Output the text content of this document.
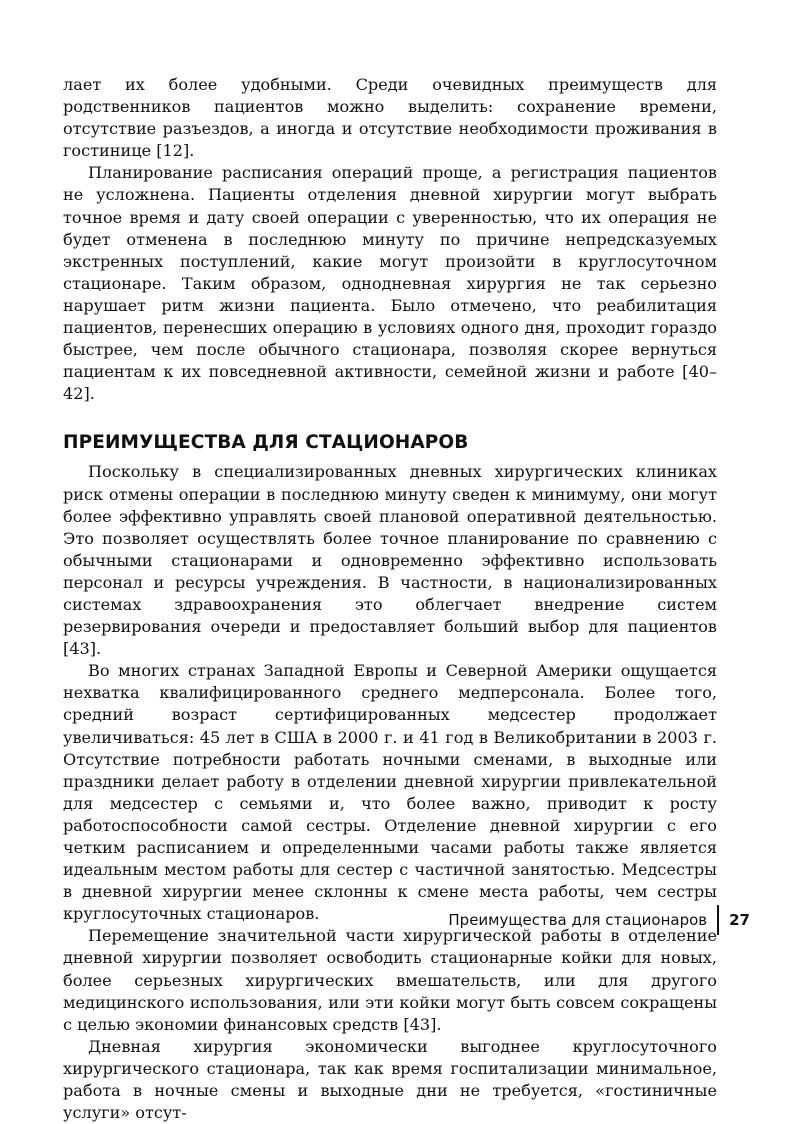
лает их более удобными. Среди очевидных преимуществ для родственников пациентов можно выделить: сохранение времени, отсутствие разъездов, а иногда и отсутствие необходимости проживания в гостинице [12].

Планирование расписания операций проще, а регистрация пациентов не усложнена. Пациенты отделения дневной хирургии могут выбрать точное время и дату своей операции с уверенностью, что их операция не будет отменена в последнюю минуту по причине непредсказуемых экстренных поступлений, какие могут произойти в круглосуточном стационаре. Таким образом, однодневная хирургия не так серьезно нарушает ритм жизни пациента. Было отмечено, что реабилитация пациентов, перенесших операцию в условиях одного дня, проходит гораздо быстрее, чем после обычного стационара, позволяя скорее вернуться пациентам к их повседневной активности, семейной жизни и работе [40–42].

ПРЕИМУЩЕСТВА ДЛЯ СТАЦИОНАРОВ

Поскольку в специализированных дневных хирургических клиниках риск отмены операции в последнюю минуту сведен к минимуму, они могут более эффективно управлять своей плановой оперативной деятельностью. Это позволяет осуществлять более точное планирование по сравнению с обычными стационарами и одновременно эффективно использовать персонал и ресурсы учреждения. В частности, в национализированных системах здравоохранения это облегчает внедрение систем резервирования очереди и предоставляет больший выбор для пациентов [43].

Во многих странах Западной Европы и Северной Америки ощущается нехватка квалифицированного среднего медперсонала. Более того, средний возраст сертифицированных медсестер продолжает увеличиваться: 45 лет в США в 2000 г. и 41 год в Великобритании в 2003 г. Отсутствие потребности работать ночными сменами, в выходные или праздники делает работу в отделении дневной хирургии привлекательной для медсестер с семьями и, что более важно, приводит к росту работоспособности самой сестры. Отделение дневной хирургии с его четким расписанием и определенными часами работы также является идеальным местом работы для сестер с частичной занятостью. Медсестры в дневной хирургии менее склонны к смене места работы, чем сестры круглосуточных стационаров.

Перемещение значительной части хирургической работы в отделение дневной хирургии позволяет освободить стационарные койки для новых, более серьезных хирургических вмешательств, или для другого медицинского использования, или эти койки могут быть совсем сокращены с целью экономии финансовых средств [43].

Дневная хирургия экономически выгоднее круглосуточного хирургического стационара, так как время госпитализации минимальное, работа в ночные смены и выходные дни не требуется, «гостиничные услуги» отсут-

Преимущества для стационаров	27
